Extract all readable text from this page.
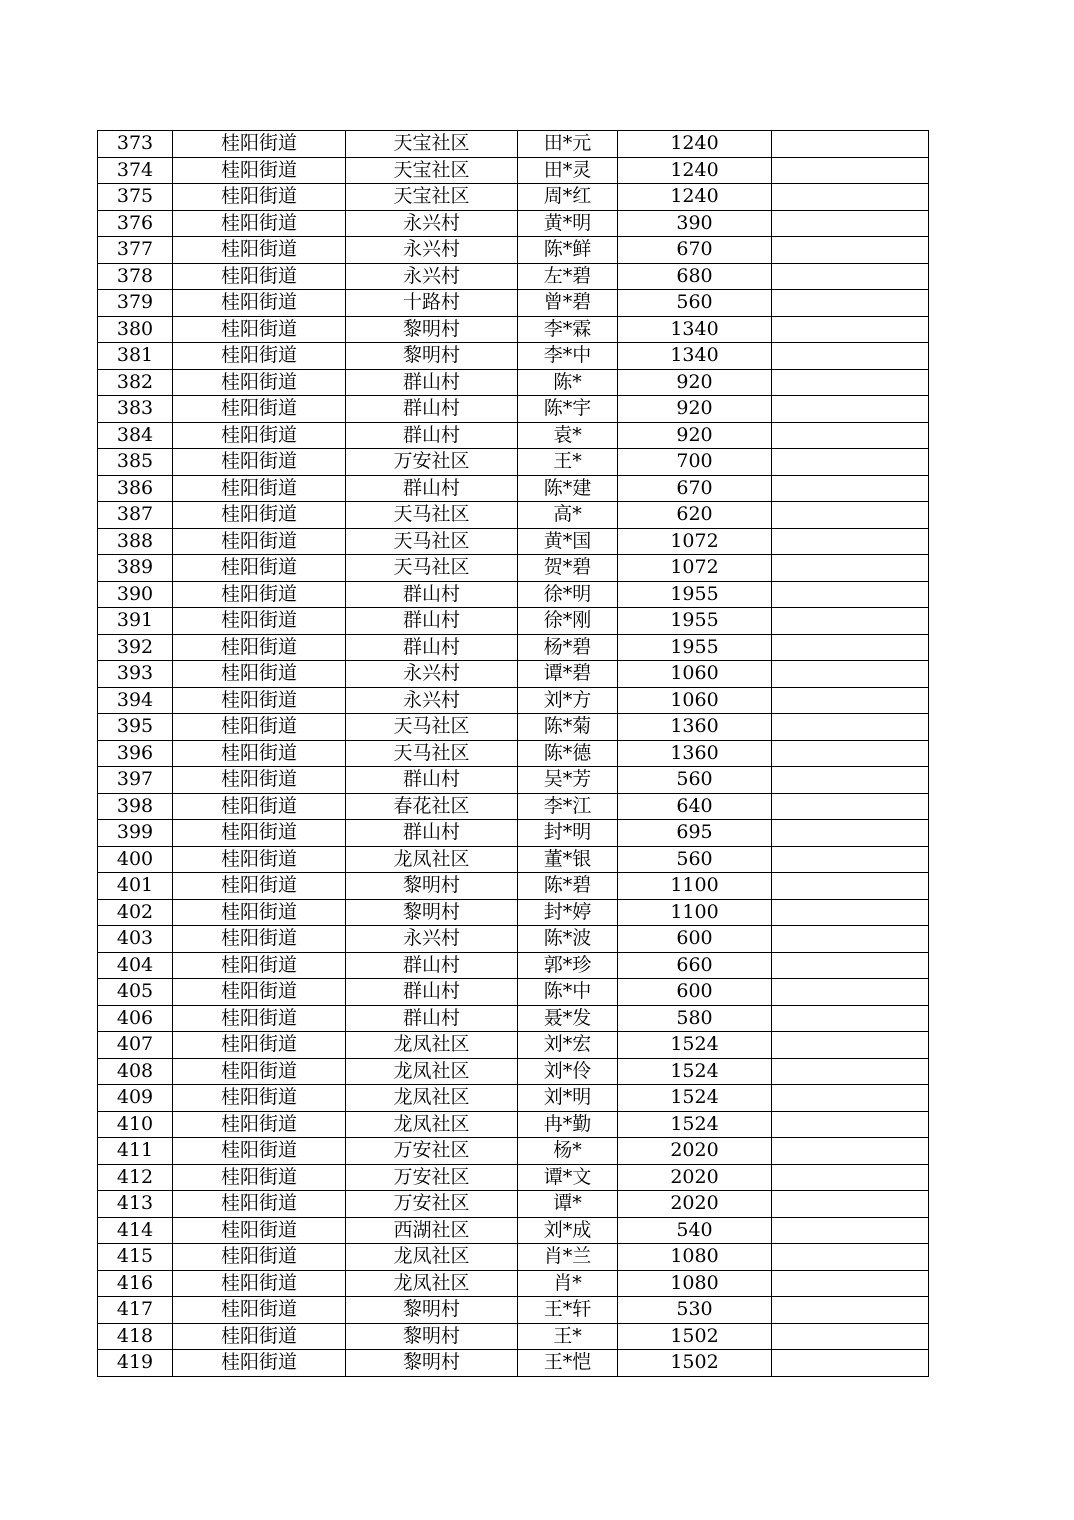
373	桂阳街道	天宝社区	田*元	1240	
374	桂阳街道	天宝社区	田*灵	1240	
375	桂阳街道	天宝社区	周*红	1240	
376	桂阳街道	永兴村	黄*明	390	
377	桂阳街道	永兴村	陈*鲜	670	
378	桂阳街道	永兴村	左*碧	680	
379	桂阳街道	十路村	曾*碧	560	
380	桂阳街道	黎明村	李*霖	1340	
381	桂阳街道	黎明村	李*中	1340	
382	桂阳街道	群山村	陈*	920	
383	桂阳街道	群山村	陈*宇	920	
384	桂阳街道	群山村	袁*	920	
385	桂阳街道	万安社区	王*	700	
386	桂阳街道	群山村	陈*建	670	
387	桂阳街道	天马社区	高*	620	
388	桂阳街道	天马社区	黄*国	1072	
389	桂阳街道	天马社区	贺*碧	1072	
390	桂阳街道	群山村	徐*明	1955	
391	桂阳街道	群山村	徐*刚	1955	
392	桂阳街道	群山村	杨*碧	1955	
393	桂阳街道	永兴村	谭*碧	1060	
394	桂阳街道	永兴村	刘*方	1060	
395	桂阳街道	天马社区	陈*菊	1360	
396	桂阳街道	天马社区	陈*德	1360	
397	桂阳街道	群山村	吴*芳	560	
398	桂阳街道	春花社区	李*江	640	
399	桂阳街道	群山村	封*明	695	
400	桂阳街道	龙凤社区	董*银	560	
401	桂阳街道	黎明村	陈*碧	1100	
402	桂阳街道	黎明村	封*婷	1100	
403	桂阳街道	永兴村	陈*波	600	
404	桂阳街道	群山村	郭*珍	660	
405	桂阳街道	群山村	陈*中	600	
406	桂阳街道	群山村	聂*发	580	
407	桂阳街道	龙凤社区	刘*宏	1524	
408	桂阳街道	龙凤社区	刘*伶	1524	
409	桂阳街道	龙凤社区	刘*明	1524	
410	桂阳街道	龙凤社区	冉*勤	1524	
411	桂阳街道	万安社区	杨*	2020	
412	桂阳街道	万安社区	谭*文	2020	
413	桂阳街道	万安社区	谭*	2020	
414	桂阳街道	西湖社区	刘*成	540	
415	桂阳街道	龙凤社区	肖*兰	1080	
416	桂阳街道	龙凤社区	肖*	1080	
417	桂阳街道	黎明村	王*轩	530	
418	桂阳街道	黎明村	王*	1502	
419	桂阳街道	黎明村	王*恺	1502	
